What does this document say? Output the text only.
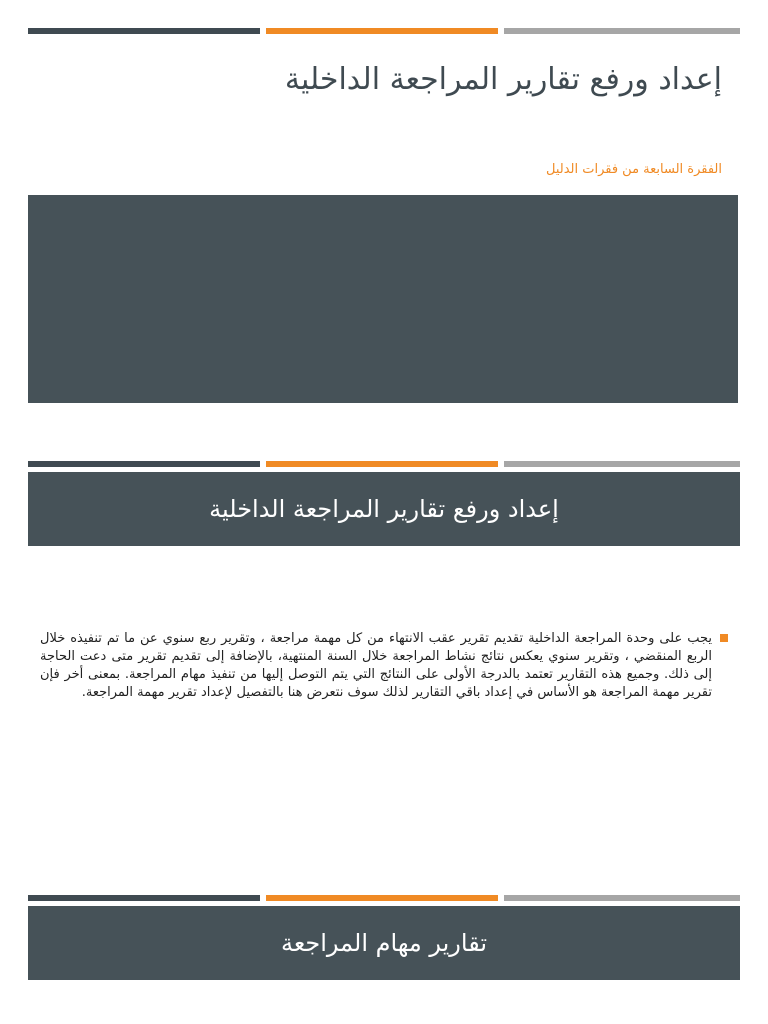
إعداد ورفع تقارير المراجعة الداخلية
الفقرة السابعة من فقرات الدليل
إعداد ورفع تقارير المراجعة الداخلية

يجب على وحدة المراجعة الداخلية تقديم تقرير عقب الانتهاء من كل مهمة مراجعة ، وتقرير ربع سنوي عن ما تم تنفيذه خلال الربع المنقضي ، وتقرير سنوي يعكس نتائج نشاط المراجعة خلال السنة المنتهية، بالإضافة إلى تقديم تقرير متى دعت الحاجة إلى ذلك. وجميع هذه التقارير تعتمد بالدرجة الأولى على النتائج التي يتم التوصل إليها من تنفيذ مهام المراجعة. بمعنى أخر فإن تقرير مهمة المراجعة هو الأساس في إعداد باقي التقارير لذلك سوف نتعرض هنا بالتفصيل لإعداد تقرير مهمة المراجعة.

تقارير مهام المراجعة
